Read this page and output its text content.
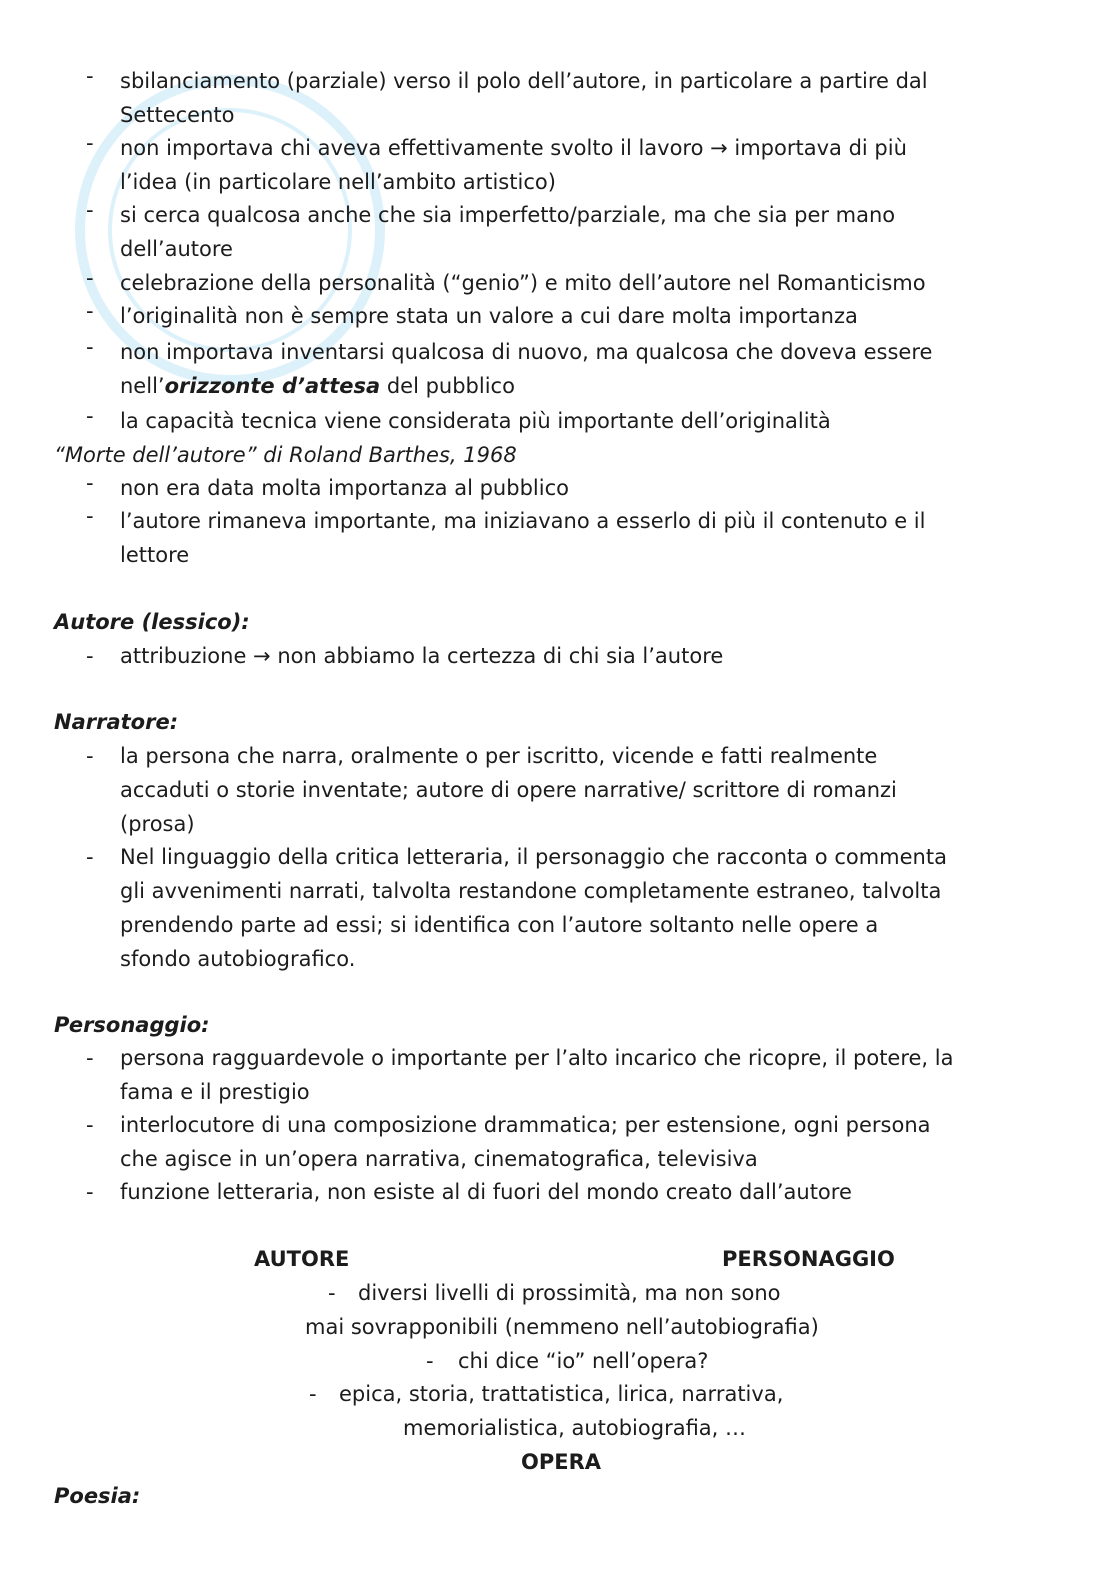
- sbilanciamento (parziale) verso il polo dell’autore, in particolare a partire dal
Settecento
- non importava chi aveva effettivamente svolto il lavoro → importava di più
l’idea (in particolare nell’ambito artistico)
- si cerca qualcosa anche che sia imperfetto/parziale, ma che sia per mano
dell’autore
- celebrazione della personalità (“genio”) e mito dell’autore nel Romanticismo
- l’originalità non è sempre stata un valore a cui dare molta importanza
- non importava inventarsi qualcosa di nuovo, ma qualcosa che doveva essere
nell’orizzonte d’attesa del pubblico
- la capacità tecnica viene considerata più importante dell’originalità
“Morte dell’autore” di Roland Barthes, 1968
- non era data molta importanza al pubblico
- l’autore rimaneva importante, ma iniziavano a esserlo di più il contenuto e il
lettore
Autore (lessico):
- attribuzione → non abbiamo la certezza di chi sia l’autore
Narratore:
- la persona che narra, oralmente o per iscritto, vicende e fatti realmente
accaduti o storie inventate; autore di opere narrative/ scrittore di romanzi
(prosa)
- Nel linguaggio della critica letteraria, il personaggio che racconta o commenta
gli avvenimenti narrati, talvolta restandone completamente estraneo, talvolta
prendendo parte ad essi; si identifica con l’autore soltanto nelle opere a
sfondo autobiografico.
Personaggio:
- persona ragguardevole o importante per l’alto incarico che ricopre, il potere, la
fama e il prestigio
- interlocutore di una composizione drammatica; per estensione, ogni persona
che agisce in un’opera narrativa, cinematografica, televisiva
- funzione letteraria, non esiste al di fuori del mondo creato dall’autore
AUTORE	PERSONAGGIO
- diversi livelli di prossimità, ma non sono
mai sovrapponibili (nemmeno nell’autobiografia)
- chi dice “io” nell’opera?
- epica, storia, trattatistica, lirica, narrativa,
memorialistica, autobiografia, …
OPERA
Poesia:
